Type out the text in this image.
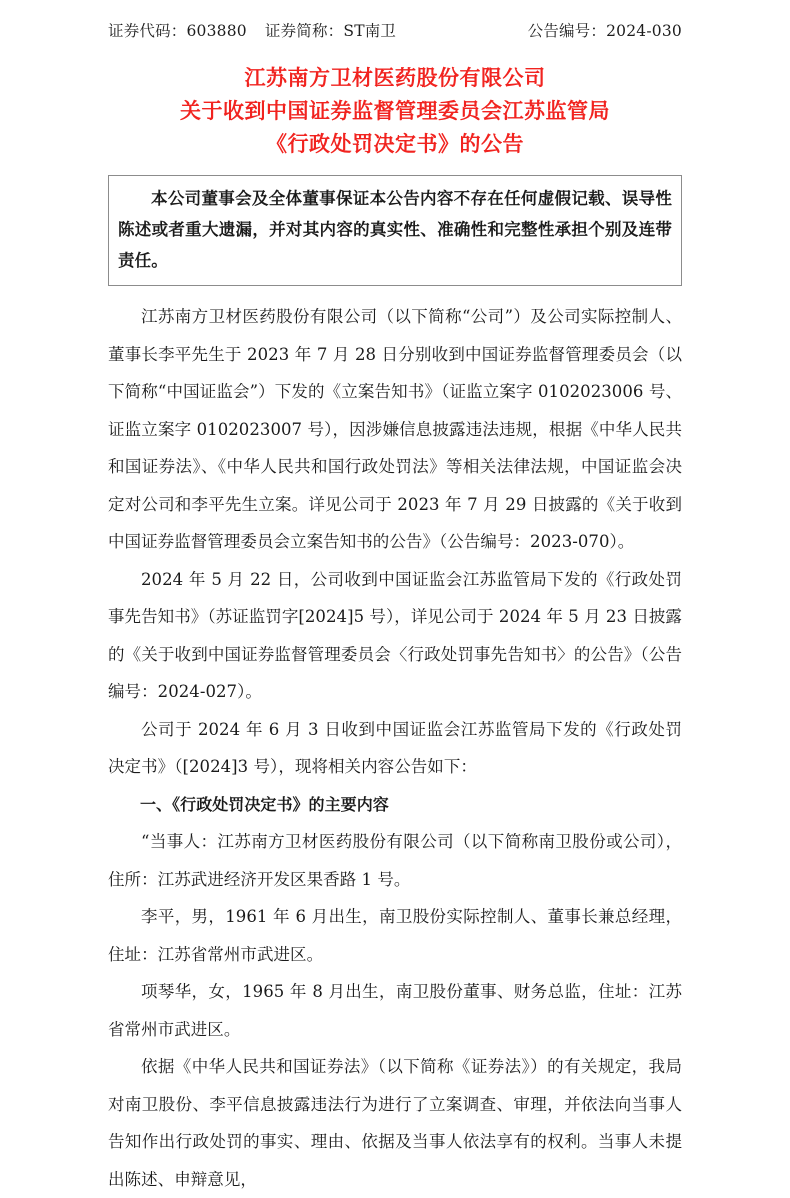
证券代码：603880 证券简称：ST南卫	公告编号：2024-030
江苏南方卫材医药股份有限公司
关于收到中国证券监督管理委员会江苏监管局
《行政处罚决定书》的公告

本公司董事会及全体董事保证本公告内容不存在任何虚假记载、误导性陈述或者重大遗漏，并对其内容的真实性、准确性和完整性承担个别及连带责任。

江苏南方卫材医药股份有限公司（以下简称“公司”）及公司实际控制人、董事长李平先生于 2023 年 7 月 28 日分别收到中国证券监督管理委员会（以下简称“中国证监会”）下发的《立案告知书》（证监立案字 0102023006 号、证监立案字 0102023007 号），因涉嫌信息披露违法违规，根据《中华人民共和国证券法》、《中华人民共和国行政处罚法》等相关法律法规，中国证监会决定对公司和李平先生立案。详见公司于 2023 年 7 月 29 日披露的《关于收到中国证券监督管理委员会立案告知书的公告》（公告编号：2023-070）。

2024 年 5 月 22 日，公司收到中国证监会江苏监管局下发的《行政处罚事先告知书》（苏证监罚字[2024]5 号），详见公司于 2024 年 5 月 23 日披露的《关于收到中国证券监督管理委员会〈行政处罚事先告知书〉的公告》（公告编号：2024-027）。

公司于 2024 年 6 月 3 日收到中国证监会江苏监管局下发的《行政处罚决定书》（[2024]3 号），现将相关内容公告如下：

一、《行政处罚决定书》的主要内容

“当事人：江苏南方卫材医药股份有限公司（以下简称南卫股份或公司），住所：江苏武进经济开发区果香路 1 号。

李平，男，1961 年 6 月出生，南卫股份实际控制人、董事长兼总经理，住址：江苏省常州市武进区。

项琴华，女，1965 年 8 月出生，南卫股份董事、财务总监，住址：江苏省常州市武进区。

依据《中华人民共和国证券法》（以下简称《证券法》）的有关规定，我局对南卫股份、李平信息披露违法行为进行了立案调查、审理，并依法向当事人告知作出行政处罚的事实、理由、依据及当事人依法享有的权利。当事人未提出陈述、申辩意见，
